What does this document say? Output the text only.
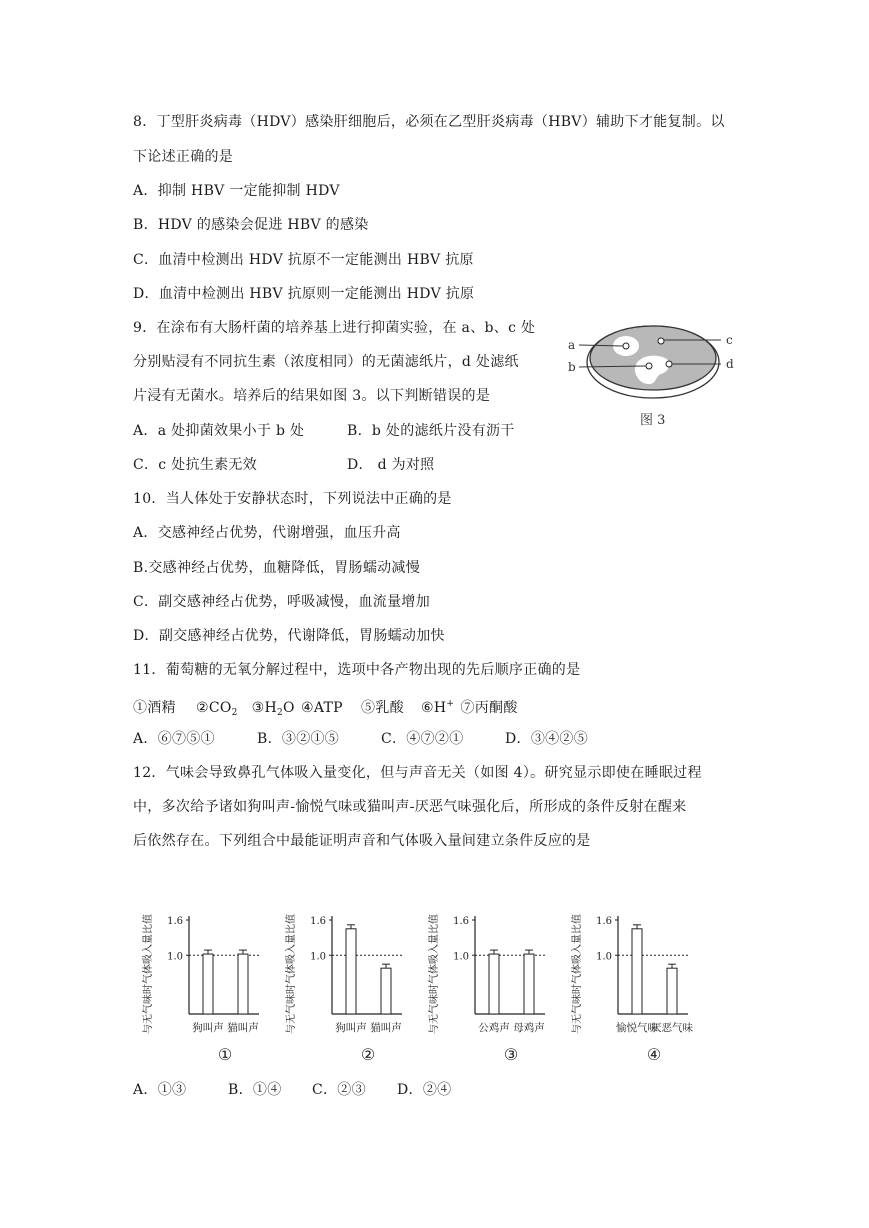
8．丁型肝炎病毒（HDV）感染肝细胞后，必须在乙型肝炎病毒（HBV）辅助下才能复制。以
下论述正确的是
A．抑制 HBV 一定能抑制 HDV
B．HDV 的感染会促进 HBV 的感染
C．血清中检测出 HDV 抗原不一定能测出 HBV 抗原
D．血清中检测出 HBV 抗原则一定能测出 HDV 抗原
9．在涂布有大肠杆菌的培养基上进行抑菌实验，在 a、b、c 处
分别贴浸有不同抗生素（浓度相同）的无菌滤纸片，d 处滤纸
片浸有无菌水。培养后的结果如图 3。以下判断错误的是
A．a 处抑菌效果小于 b 处	B．b 处的滤纸片没有沥干
C．c 处抗生素无效	D． d 为对照
a
b
c
d
图 3
10．当人体处于安静状态时，下列说法中正确的是
A．交感神经占优势，代谢增强，血压升高
B.交感神经占优势，血糖降低，胃肠蠕动减慢
C．副交感神经占优势，呼吸减慢，血流量增加
D．副交感神经占优势，代谢降低，胃肠蠕动加快
11．葡萄糖的无氧分解过程中，选项中各产物出现的先后顺序正确的是
①酒精 ②CO2 ③H2O ④ATP ⑤乳酸 ⑥H+ ⑦丙酮酸
A．⑥⑦⑤①	B．③②①⑤	C．④⑦②①	D．③④②⑤
12．气味会导致鼻孔气体吸入量变化，但与声音无关（如图 4）。研究显示即使在睡眠过程
中，多次给予诸如狗叫声-愉悦气味或猫叫声-厌恶气味强化后，所形成的条件反射在醒来
后依然存在。下列组合中最能证明声音和气体吸入量间建立条件反应的是
与无气味时气体吸入量比值 1.6
1.0
狗叫声 猫叫声
①
与无气味时气体吸入量比值 1.6
1.0
狗叫声 猫叫声
②
与无气味时气体吸入量比值 1.6
1.0
公鸡声 母鸡声
③
与无气味时气体吸入量比值 1.6
1.0
愉悦气味
厌恶气味
④
A．①③	B．①④ C．②③ D．②④
